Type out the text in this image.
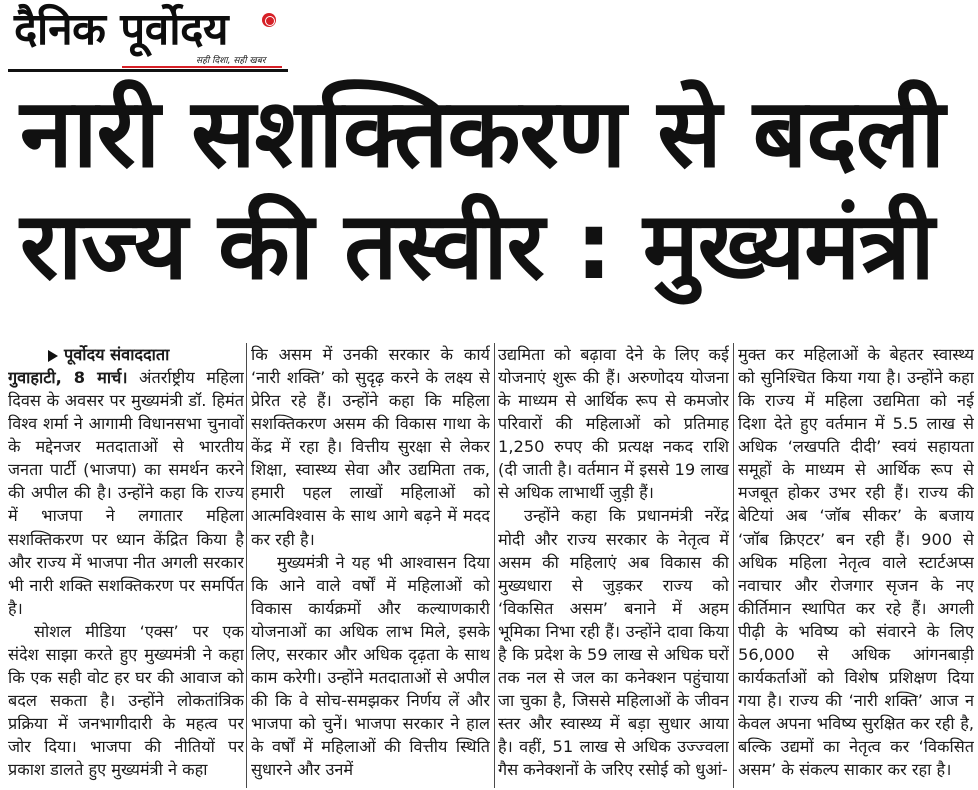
दैनिक पूर्वोदय
सही दिशा, सही खबर
नारी सशक्तिकरण से बदली
राज्य की तस्वीर : मुख्यमंत्री
पूर्वोदय संवाददाता

गुवाहाटी, 8 मार्च। अंतर्राष्ट्रीय महिला दिवस के अवसर पर मुख्यमंत्री डॉ. हिमंत विश्व शर्मा ने आगामी विधानसभा चुनावों के मद्देनजर मतदाताओं से भारतीय जनता पार्टी (भाजपा) का समर्थन करने की अपील की है। उन्होंने कहा कि राज्य में भाजपा ने लगातार महिला सशक्तिकरण पर ध्यान केंद्रित किया है और राज्य में भाजपा नीत अगली सरकार भी नारी शक्ति सशक्तिकरण पर समर्पित है।

सोशल मीडिया ‘एक्स’ पर एक संदेश साझा करते हुए मुख्यमंत्री ने कहा कि एक सही वोट हर घर की आवाज को बदल सकता है। उन्होंने लोकतांत्रिक प्रक्रिया में जनभागीदारी के महत्व पर जोर दिया। भाजपा की नीतियों पर प्रकाश डालते हुए मुख्यमंत्री ने कहा

कि असम में उनकी सरकार के कार्य ‘नारी शक्ति’ को सुदृढ़ करने के लक्ष्य से प्रेरित रहे हैं। उन्होंने कहा कि महिला सशक्तिकरण असम की विकास गाथा के केंद्र में रहा है। वित्तीय सुरक्षा से लेकर शिक्षा, स्वास्थ्य सेवा और उद्यमिता तक, हमारी पहल लाखों महिलाओं को आत्मविश्वास के साथ आगे बढ़ने में मदद कर रही है।

मुख्यमंत्री ने यह भी आश्वासन दिया कि आने वाले वर्षों में महिलाओं को विकास कार्यक्रमों और कल्याणकारी योजनाओं का अधिक लाभ मिले, इसके लिए, सरकार और अधिक दृढ़ता के साथ काम करेगी। उन्होंने मतदाताओं से अपील की कि वे सोच-समझकर निर्णय लें और भाजपा को चुनें। भाजपा सरकार ने हाल के वर्षों में महिलाओं की वित्तीय स्थिति सुधारने और उनमें

उद्यमिता को बढ़ावा देने के लिए कई योजनाएं शुरू की हैं। अरुणोदय योजना के माध्यम से आर्थिक रूप से कमजोर परिवारों की महिलाओं को प्रतिमाह 1,250 रुपए की प्रत्यक्ष नकद राशि (दी जाती है। वर्तमान में इससे 19 लाख से अधिक लाभार्थी जुड़ी हैं।

उन्होंने कहा कि प्रधानमंत्री नरेंद्र मोदी और राज्य सरकार के नेतृत्व में असम की महिलाएं अब विकास की मुख्यधारा से जुड़कर राज्य को ‘विकसित असम’ बनाने में अहम भूमिका निभा रही हैं। उन्होंने दावा किया है कि प्रदेश के 59 लाख से अधिक घरों तक नल से जल का कनेक्शन पहुंचाया जा चुका है, जिससे महिलाओं के जीवन स्तर और स्वास्थ्य में बड़ा सुधार आया है। वहीं, 51 लाख से अधिक उज्ज्वला गैस कनेक्शनों के जरिए रसोई को धुआं-

मुक्त कर महिलाओं के बेहतर स्वास्थ्य को सुनिश्चित किया गया है। उन्होंने कहा कि राज्य में महिला उद्यमिता को नई दिशा देते हुए वर्तमान में 5.5 लाख से अधिक ‘लखपति दीदी’ स्वयं सहायता समूहों के माध्यम से आर्थिक रूप से मजबूत होकर उभर रही हैं। राज्य की बेटियां अब ‘जॉब सीकर’ के बजाय ‘जॉब क्रिएटर’ बन रही हैं। 900 से अधिक महिला नेतृत्व वाले स्टार्टअप्स नवाचार और रोजगार सृजन के नए कीर्तिमान स्थापित कर रहे हैं। अगली पीढ़ी के भविष्य को संवारने के लिए 56,000 से अधिक आंगनबाड़ी कार्यकर्ताओं को विशेष प्रशिक्षण दिया गया है। राज्य की ‘नारी शक्ति’ आज न केवल अपना भविष्य सुरक्षित कर रही है, बल्कि उद्यमों का नेतृत्व कर ‘विकसित असम’ के संकल्प साकार कर रहा है।
